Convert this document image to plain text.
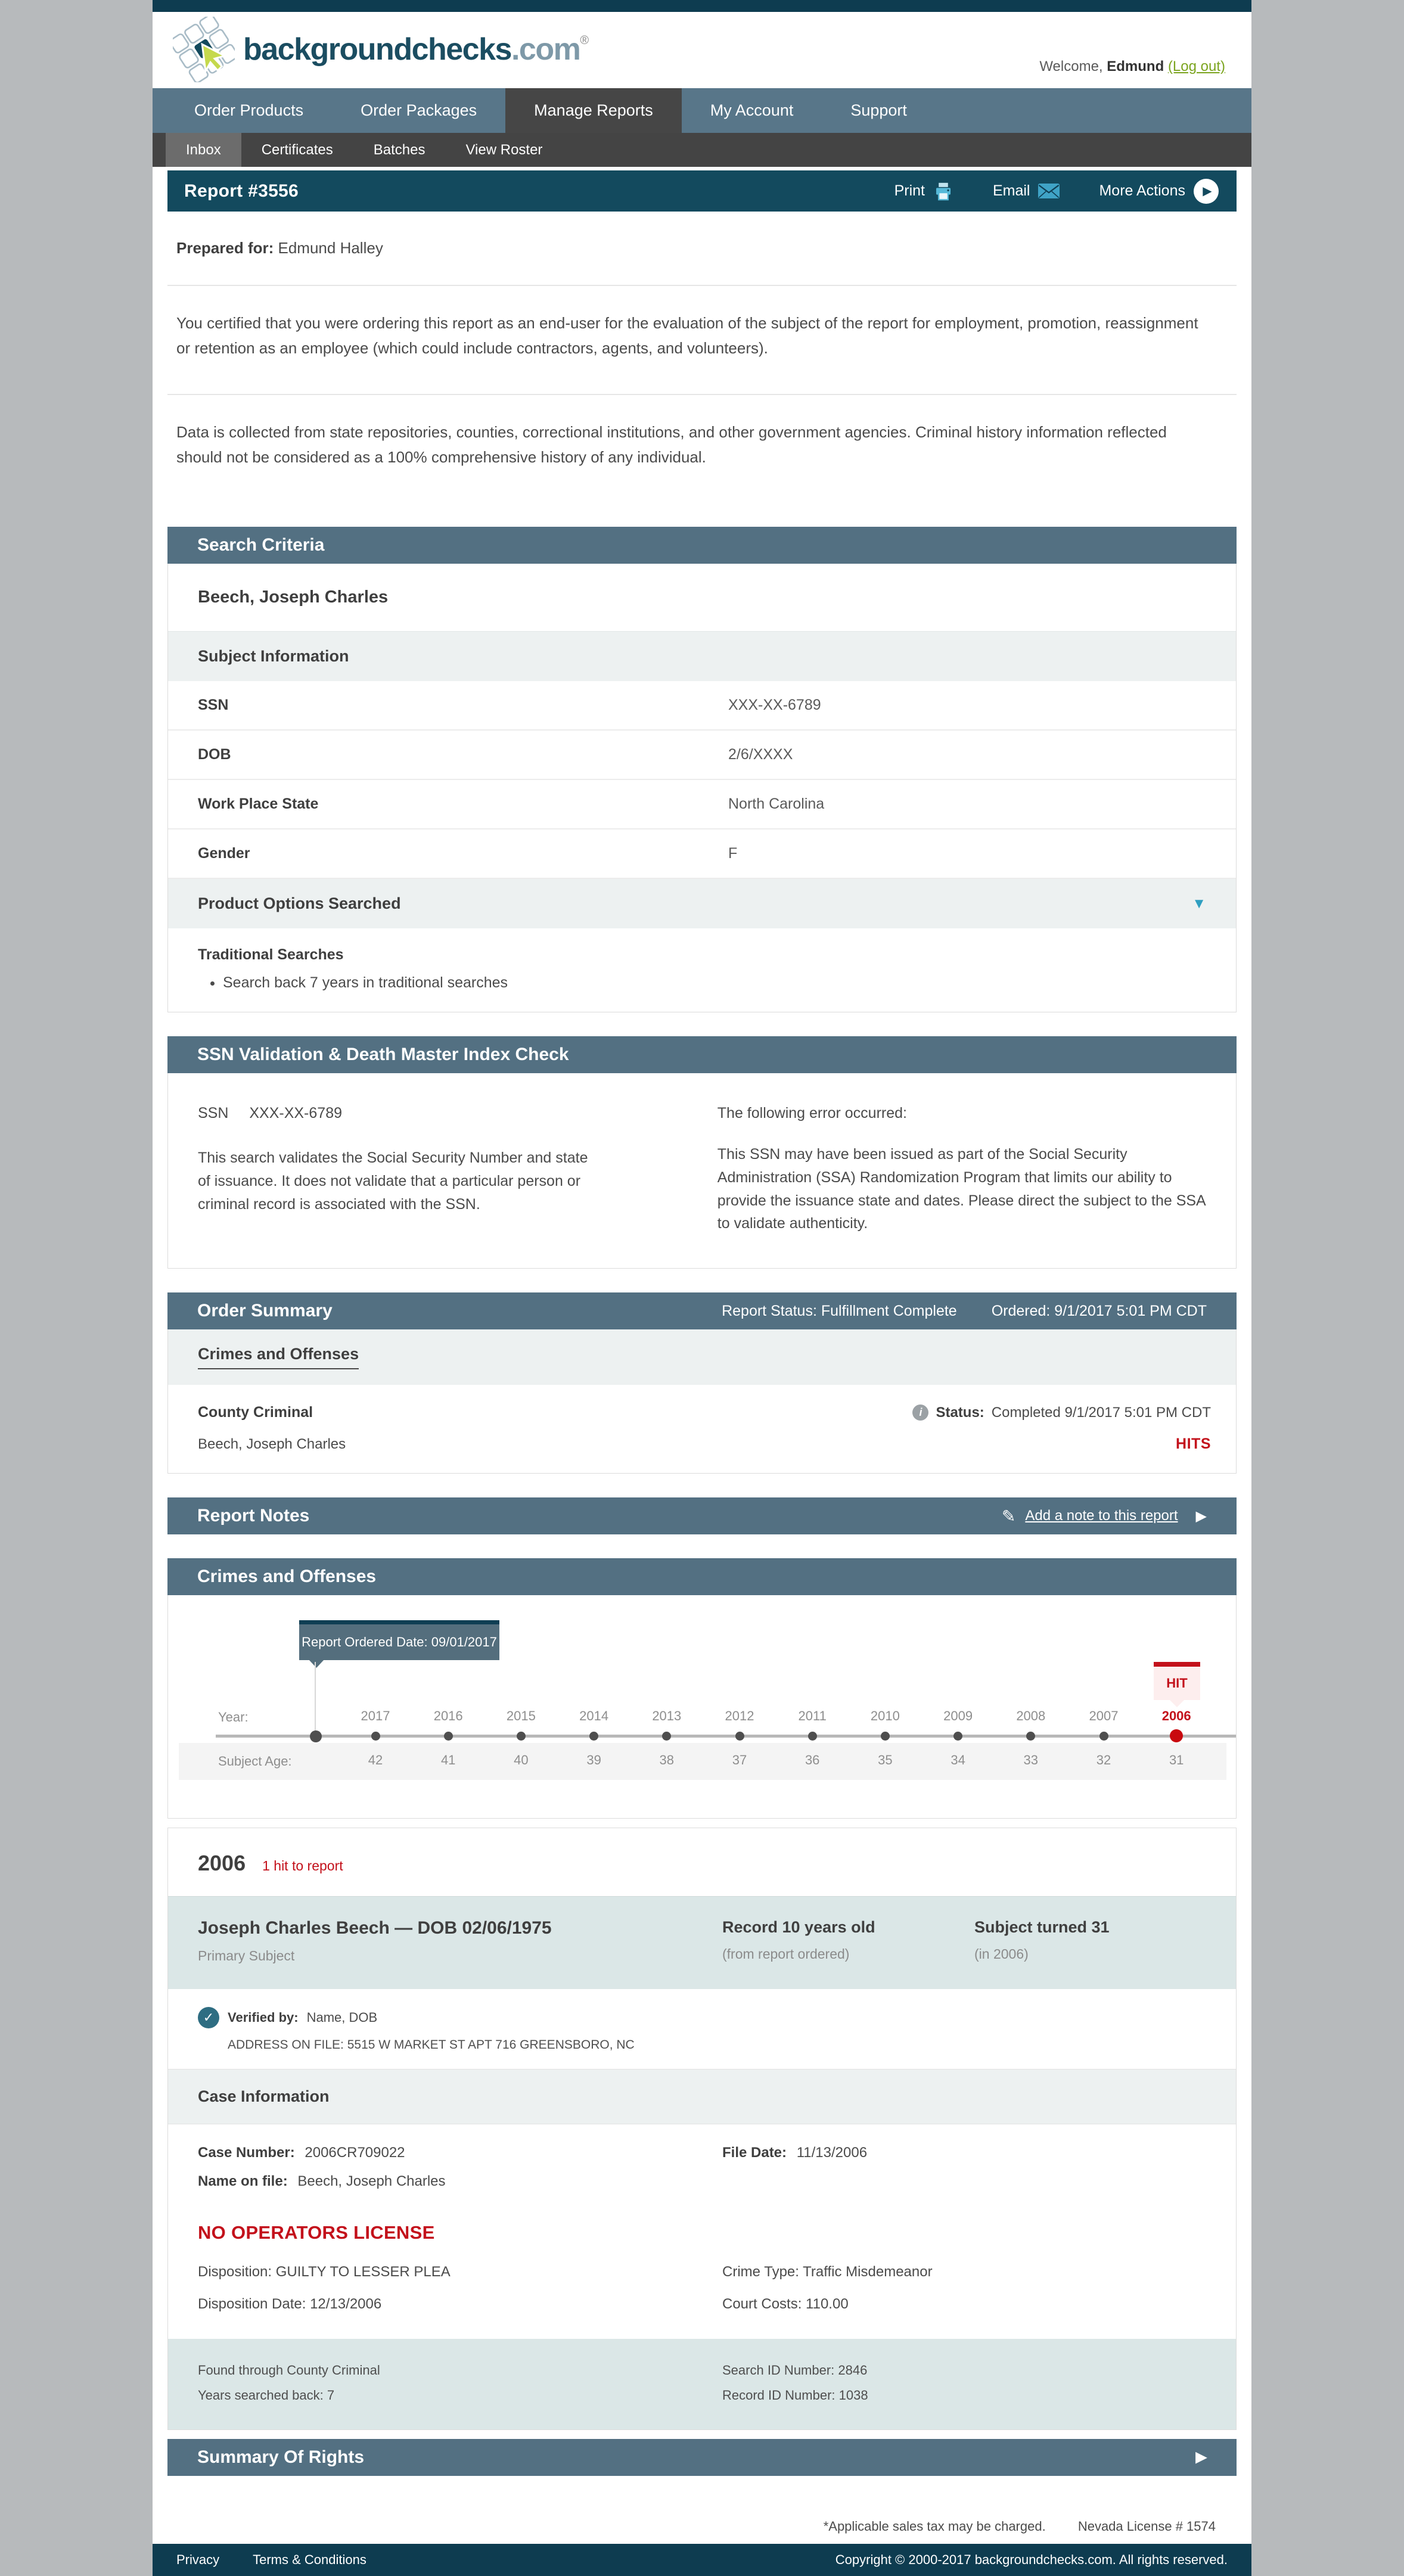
backgroundchecks.com®
Welcome, Edmund (Log out)
Order Products	Order Packages	Manage Reports	My Account	Support
Inbox	Certificates	Batches	View Roster
Report #3556	Print	Email	More Actions	▶
Prepared for: Edmund Halley

You certified that you were ordering this report as an end-user for the evaluation of the subject of the report for employment, promotion, reassignment or retention as an employee (which could include contractors, agents, and volunteers).

Data is collected from state repositories, counties, correctional institutions, and other government agencies. Criminal history information reflected should not be considered as a 100% comprehensive history of any individual.

Search Criteria
Beech, Joseph Charles
Subject Information
SSN	XXX-XX-6789
DOB	2/6/XXXX
Work Place State	North Carolina
Gender	F
Product Options Searched	▼
Traditional Searches
• Search back 7 years in traditional searches
SSN Validation & Death Master Index Check
SSN XXX-XX-6789
This search validates the Social Security Number and state of issuance. It does not validate that a particular person or criminal record is associated with the SSN.
The following error occurred:
This SSN may have been issued as part of the Social Security Administration (SSA) Randomization Program that limits our ability to provide the issuance state and dates. Please direct the subject to the SSA to validate authenticity.
Order Summary	Report Status: Fulfillment Complete Ordered: 9/1/2017 5:01 PM CDT
Crimes and Offenses
County Criminal	i Status: Completed 9/1/2017 5:01 PM CDT
Beech, Joseph Charles	HITS
Report Notes	✎ Add a note to this report ▶
Crimes and Offenses
Report Ordered Date: 09/01/2017
HIT
Year:
Subject Age:
2017
42
2016
41
2015
40
2014
39
2013
38
2012
37
2011
36
2010
35
2009
34
2008
33
2007
32
2006
31
2006 1 hit to report
Joseph Charles Beech — DOB 02/06/1975
Primary Subject
Record 10 years old
(from report ordered)
Subject turned 31
(in 2006)
✓	Verified by: Name, DOB
ADDRESS ON FILE: 5515 W MARKET ST APT 716 GREENSBORO, NC
Case Information
Case Number: 2006CR709022	File Date: 11/13/2006
Name on file: Beech, Joseph Charles
NO OPERATORS LICENSE
Disposition: GUILTY TO LESSER PLEA	Crime Type: Traffic Misdemeanor
Disposition Date: 12/13/2006	Court Costs: 110.00
Found through County Criminal
Years searched back: 7
Search ID Number: 2846
Record ID Number: 1038
Summary Of Rights	▶
*Applicable sales tax may be charged. Nevada License # 1574
Privacy	Terms & Conditions	Copyright © 2000-2017 backgroundchecks.com. All rights reserved.
